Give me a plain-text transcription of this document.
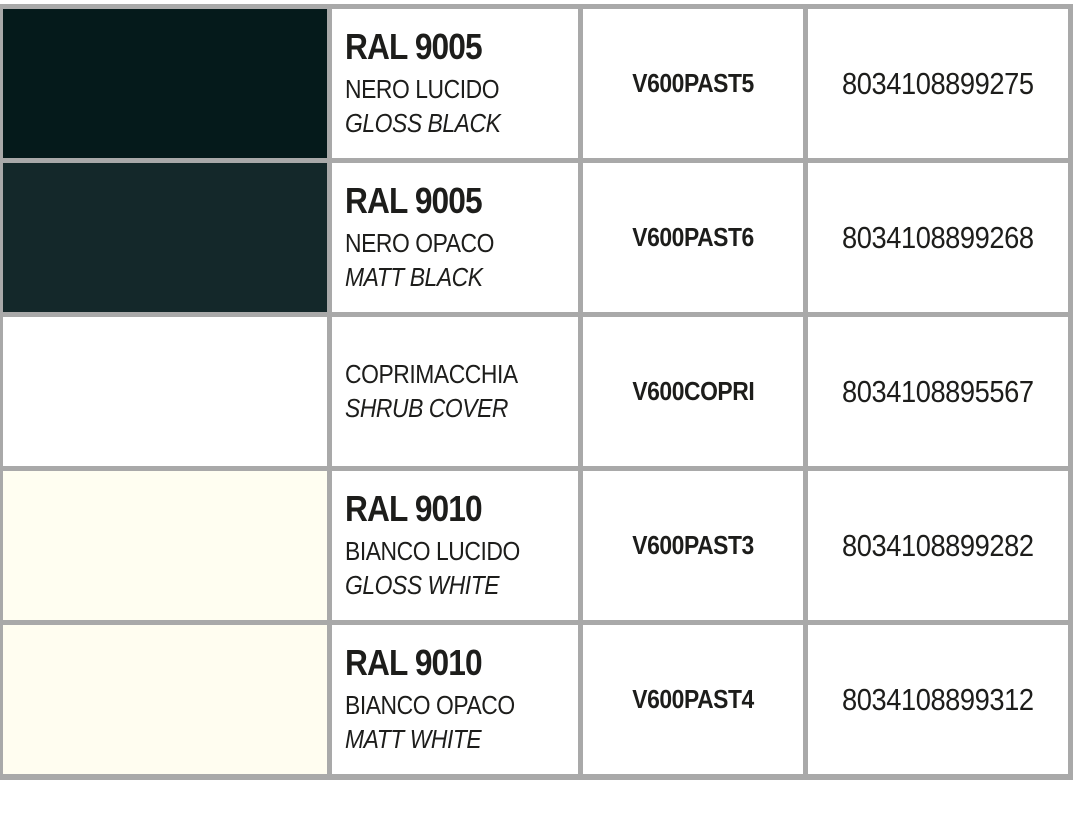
RAL 9005
NERO LUCIDO
GLOSS BLACK
V600PAST5	8034108899275
RAL 9005
NERO OPACO
MATT BLACK
V600PAST6	8034108899268
COPRIMACCHIA
SHRUB COVER
V600COPRI	8034108895567
RAL 9010
BIANCO LUCIDO
GLOSS WHITE
V600PAST3	8034108899282
RAL 9010
BIANCO OPACO
MATT WHITE
V600PAST4	8034108899312
